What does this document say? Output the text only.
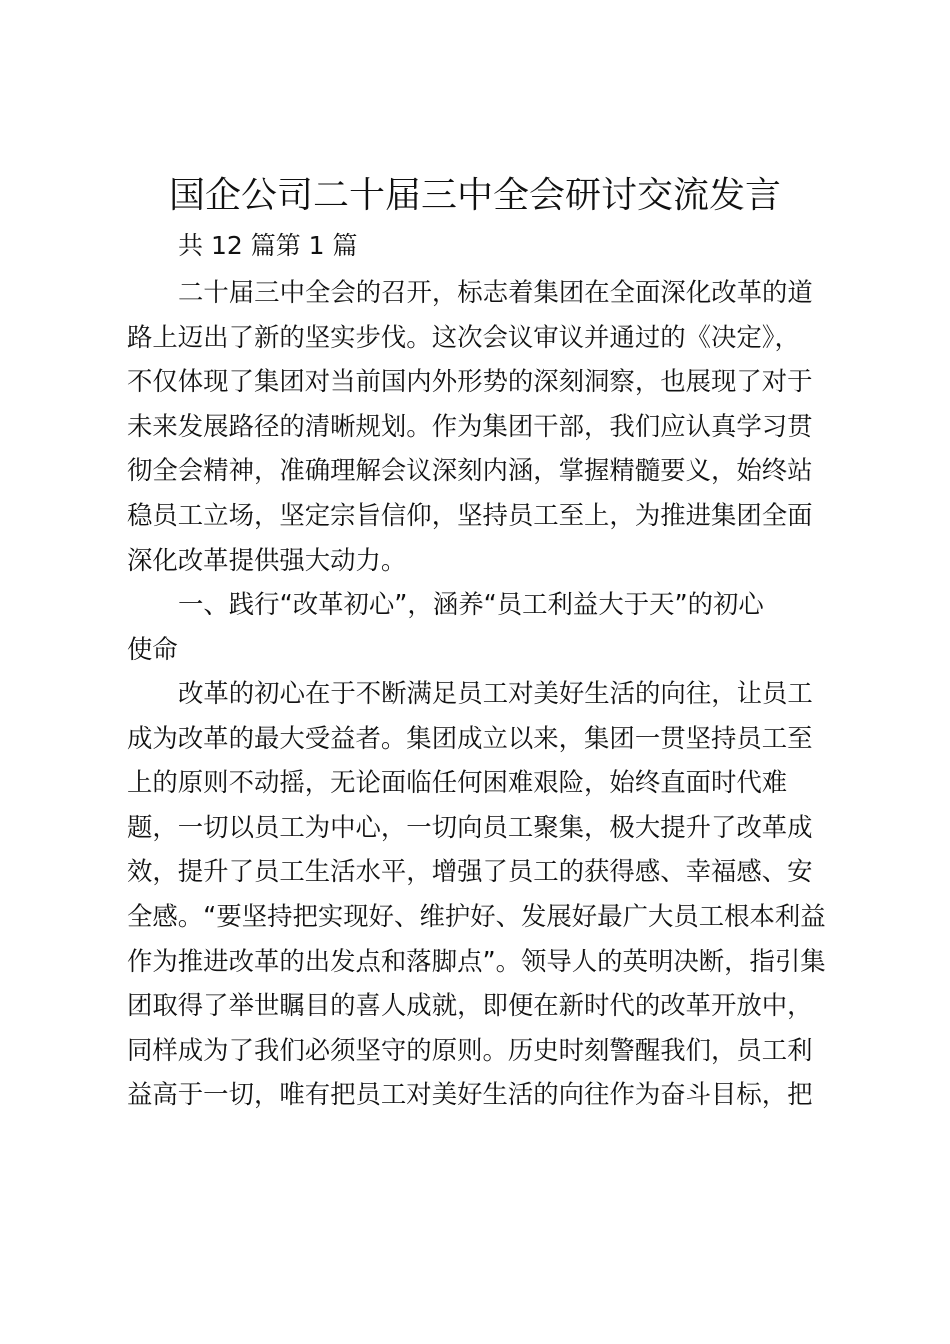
国企公司二十届三中全会研讨交流发言

共 12 篇第 1 篇

二十届三中全会的召开，标志着集团在全面深化改革的道
路上迈出了新的坚实步伐。这次会议审议并通过的《决定》，
不仅体现了集团对当前国内外形势的深刻洞察，也展现了对于
未来发展路径的清晰规划。作为集团干部，我们应认真学习贯
彻全会精神，准确理解会议深刻内涵，掌握精髓要义，始终站
稳员工立场，坚定宗旨信仰，坚持员工至上，为推进集团全面
深化改革提供强大动力。
一、践行“改革初心”，涵养“员工利益大于天”的初心
使命
改革的初心在于不断满足员工对美好生活的向往，让员工
成为改革的最大受益者。集团成立以来，集团一贯坚持员工至
上的原则不动摇，无论面临任何困难艰险，始终直面时代难
题，一切以员工为中心，一切向员工聚集，极大提升了改革成
效，提升了员工生活水平，增强了员工的获得感、幸福感、安
全感。“要坚持把实现好、维护好、发展好最广大员工根本利益
作为推进改革的出发点和落脚点”。领导人的英明决断，指引集
团取得了举世瞩目的喜人成就，即便在新时代的改革开放中，
同样成为了我们必须坚守的原则。历史时刻警醒我们，员工利
益高于一切，唯有把员工对美好生活的向往作为奋斗目标，把
